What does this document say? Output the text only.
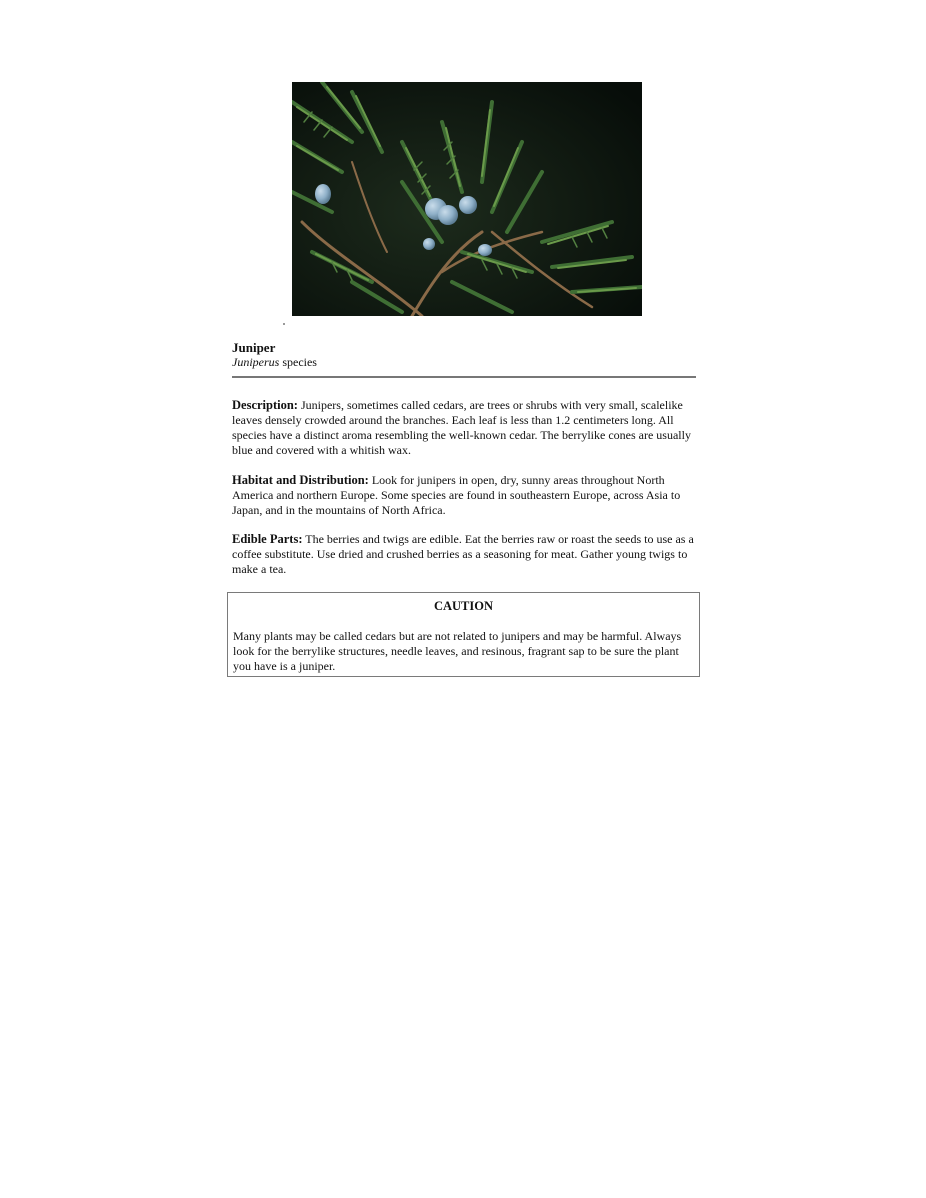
Juniper
Juniperus species
Description: Junipers, sometimes called cedars, are trees or shrubs with very small, scalelike leaves densely crowded around the branches. Each leaf is less than 1.2 centimeters long. All species have a distinct aroma resembling the well-known cedar. The berrylike cones are usually blue and covered with a whitish wax.
Habitat and Distribution: Look for junipers in open, dry, sunny areas throughout North America and northern Europe. Some species are found in southeastern Europe, across Asia to Japan, and in the mountains of North Africa.
Edible Parts: The berries and twigs are edible. Eat the berries raw or roast the seeds to use as a coffee substitute. Use dried and crushed berries as a seasoning for meat. Gather young twigs to make a tea.
CAUTION
Many plants may be called cedars but are not related to junipers and may be harmful. Always look for the berrylike structures, needle leaves, and resinous, fragrant sap to be sure the plant you have is a juniper.
